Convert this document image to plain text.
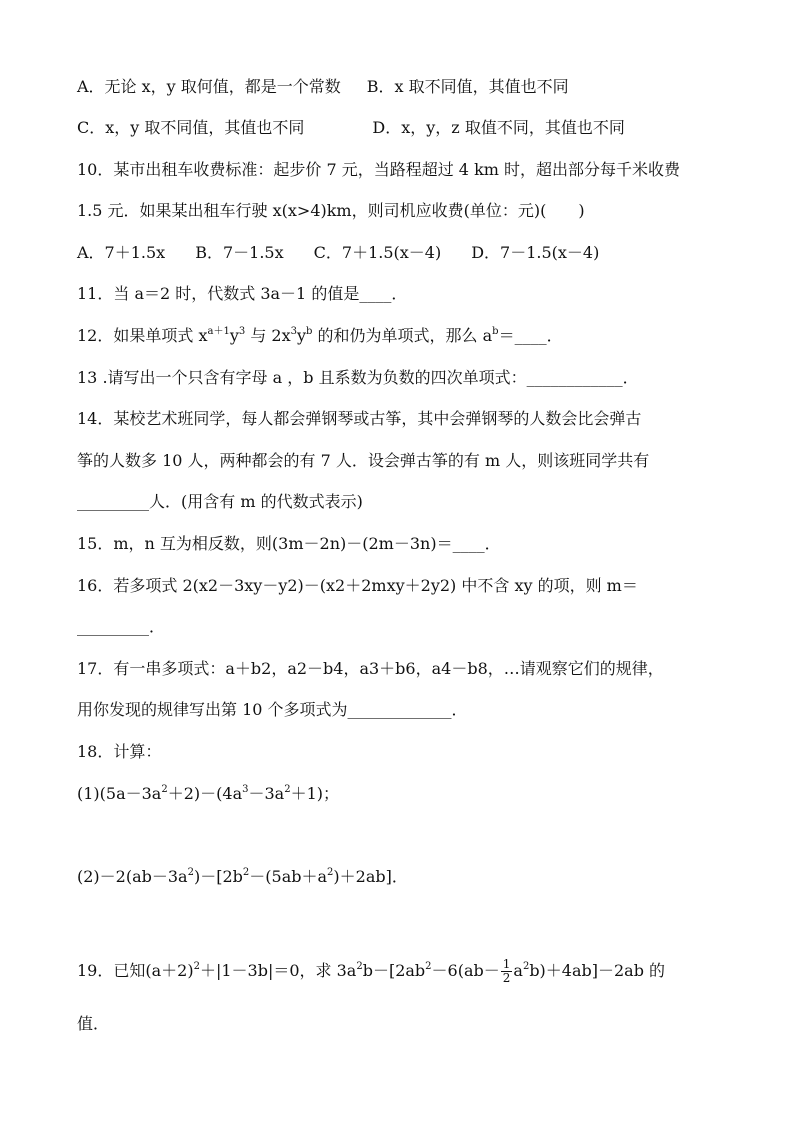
A．无论 x，y 取何值，都是一个常数 B．x 取不同值，其值也不同
C．x，y 取不同值，其值也不同	D．x，y，z 取值不同，其值也不同
10．某市出租车收费标准：起步价 7 元，当路程超过 4 km 时，超出部分每千米收费
1.5 元．如果某出租车行驶 x(x>4)km，则司机应收费(单位：元)(　　)
A．7＋1.5x B．7－1.5x C．7＋1.5(x－4) D．7－1.5(x－4)
11．当 a＝2 时，代数式 3a－1 的值是____．
12．如果单项式 $x^{a+1}y^3$ 与 $2x^3y^b$ 的和仍为单项式，那么 $a^b=\_\_\_\_$．
13 .请写出一个只含有字母 a ，b 且系数为负数的四次单项式：____________．
14．某校艺术班同学，每人都会弹钢琴或古筝，其中会弹钢琴的人数会比会弹古
筝的人数多 10 人，两种都会的有 7 人．设会弹古筝的有 m 人，则该班同学共有
_________人．(用含有 m 的代数式表示)
15．m，n 互为相反数，则(3m－2n)－(2m－3n)＝____．
16．若多项式 2(x2－3xy－y2)－(x2＋2mxy＋2y2) 中不含 xy 的项，则 m＝
_________．
17．有一串多项式：a＋b2，a2－b4，a3＋b6，a4－b8，…请观察它们的规律，
用你发现的规律写出第 10 个多项式为_____________．
18．计算：
$(1)(5a-3a^2+2)-(4a^3-3a^2+1)$；
$(2)-2(ab-3a^2)-[2b^2-(5ab+a^2)+2ab]$．
19．已知$(a+2)^2+|1-3b|=0$，求 $3a^2b-[2ab^2-6(ab- \frac{1}{2} a^2b)+4ab]-2ab$ 的
值．
